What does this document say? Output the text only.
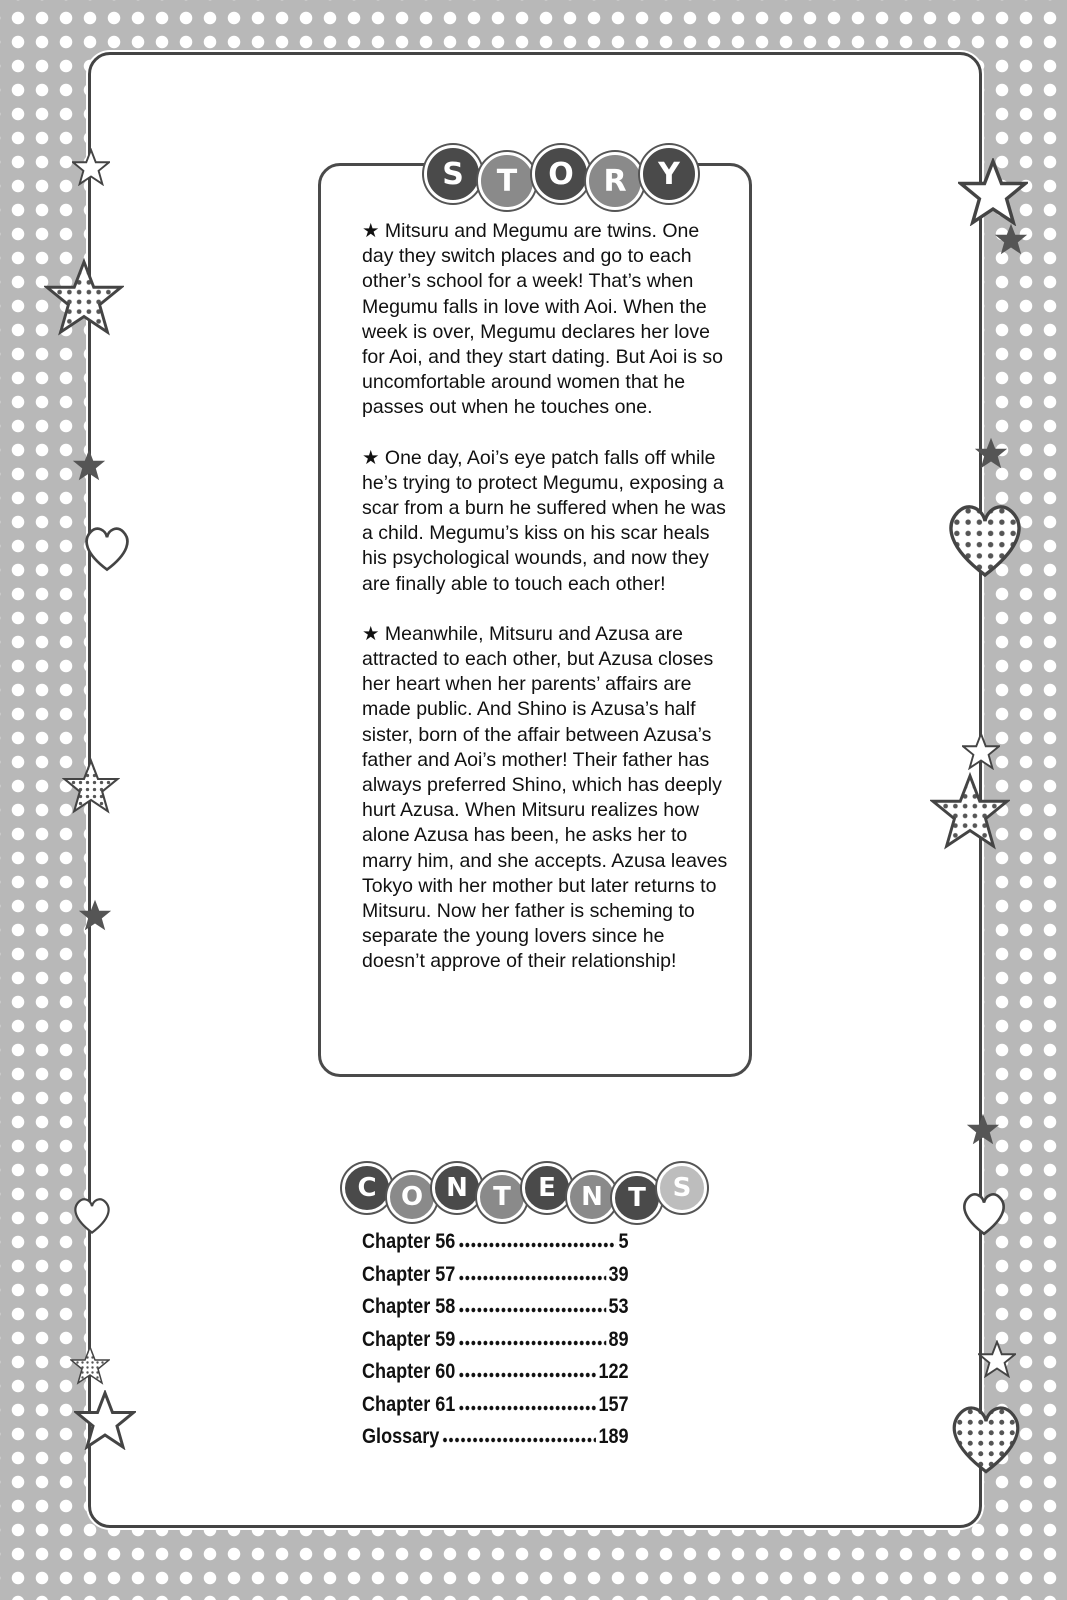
S	T	O R	Y

★ Mitsuru and Megumu are twins. One day they switch places and go to each other’s school for a week! That’s when Megumu falls in love with Aoi. When the week is over, Megumu declares her love for Aoi, and they start dating. But Aoi is so uncomfortable around women that he passes out when he touches one.

★ One day, Aoi’s eye patch falls off while he’s trying to protect Megumu, exposing a scar from a burn he suffered when he was a child. Megumu’s kiss on his scar heals his psychological wounds, and now they are finally able to touch each other!

★ Meanwhile, Mitsuru and Azusa are attracted to each other, but Azusa closes her heart when her parents’ affairs are made public. And Shino is Azusa’s half sister, born of the affair between Azusa’s father and Aoi’s mother! Their father has always preferred Shino, which has deeply hurt Azusa. When Mitsuru realizes how alone Azusa has been, he asks her to marry him, and she accepts. Azusa leaves Tokyo with her mother but later returns to Mitsuru. Now her father is scheming to separate the young lovers since he doesn’t approve of their relationship!

C O N T	E N T	S
Chapter 56	5
Chapter 57	39
Chapter 58	53
Chapter 59	89
Chapter 60	122
Chapter 61	157
Glossary	189
